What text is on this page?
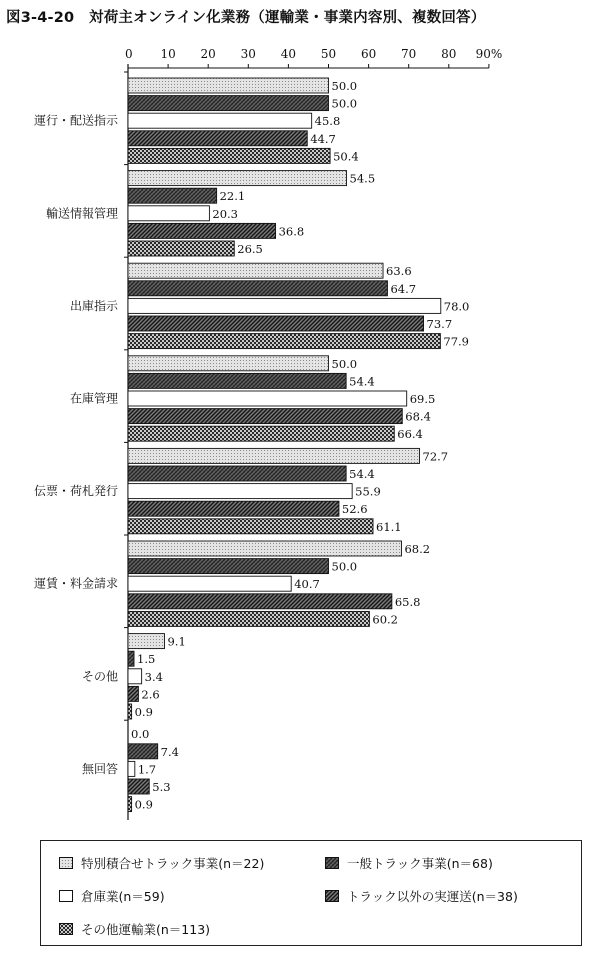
図3-4-20　対荷主オンライン化業務（運輸業・事業内容別、複数回答）
0 10 20 30 40 50 60 70 80 90%
50.0
50.0
45.8
44.7
50.4
54.5
22.1
20.3
36.8
26.5
63.6
64.7
78.0
73.7
77.9
50.0
54.4
69.5
68.4
66.4
72.7
54.4
55.9
52.6
61.1
68.2
50.0
40.7
65.8
60.2
9.1
1.5
3.4
2.6
0.9
0.0
7.4
1.7
5.3
0.9
運行・配送指示
輸送情報管理
出庫指示
在庫管理
伝票・荷札発行
運賃・料金請求
その他
無回答
特別積合せトラック事業(n＝22)	一般トラック事業(n＝68)
倉庫業(n＝59)	トラック以外の実運送(n＝38)
その他運輸業(n＝113)
